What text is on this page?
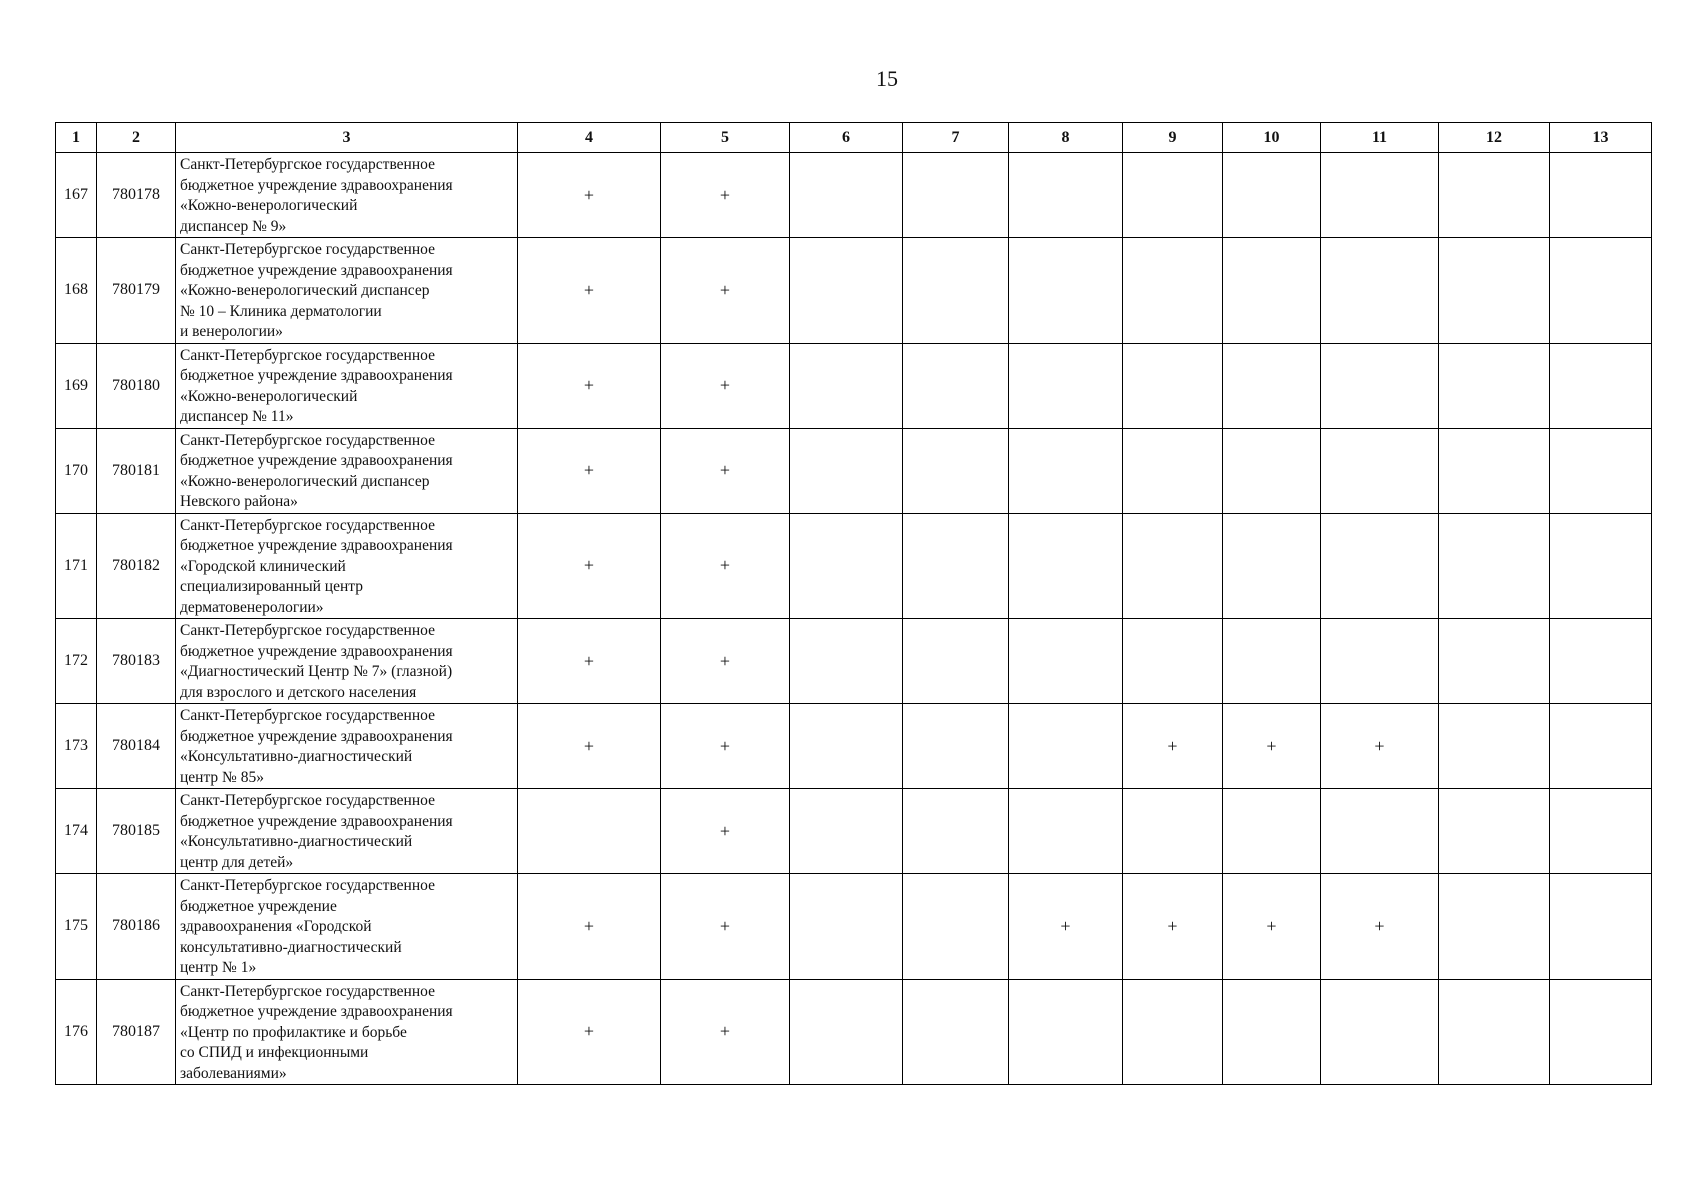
15
1	2	3	4	5	6	7	8	9	10	11	12	13
167	780178	Санкт-Петербургское государственное
бюджетное учреждение здравоохранения
«Кожно-венерологический
диспансер № 9»	+	+								
168	780179	Санкт-Петербургское государственное
бюджетное учреждение здравоохранения
«Кожно-венерологический диспансер
№ 10 – Клиника дерматологии
и венерологии»	+	+								
169	780180	Санкт-Петербургское государственное
бюджетное учреждение здравоохранения
«Кожно-венерологический
диспансер № 11»	+	+								
170	780181	Санкт-Петербургское государственное
бюджетное учреждение здравоохранения
«Кожно-венерологический диспансер
Невского района»	+	+								
171	780182	Санкт-Петербургское государственное
бюджетное учреждение здравоохранения
«Городской клинический
специализированный центр
дерматовенерологии»	+	+								
172	780183	Санкт-Петербургское государственное
бюджетное учреждение здравоохранения
«Диагностический Центр № 7» (глазной)
для взрослого и детского населения	+	+								
173	780184	Санкт-Петербургское государственное
бюджетное учреждение здравоохранения
«Консультативно-диагностический
центр № 85»	+	+				+	+	+		
174	780185	Санкт-Петербургское государственное
бюджетное учреждение здравоохранения
«Консультативно-диагностический
центр для детей»		+								
175	780186	Санкт-Петербургское государственное
бюджетное учреждение
здравоохранения «Городской
консультативно-диагностический
центр № 1»	+	+			+	+	+	+		
176	780187	Санкт-Петербургское государственное
бюджетное учреждение здравоохранения
«Центр по профилактике и борьбе
со СПИД и инфекционными
заболеваниями»	+	+								
